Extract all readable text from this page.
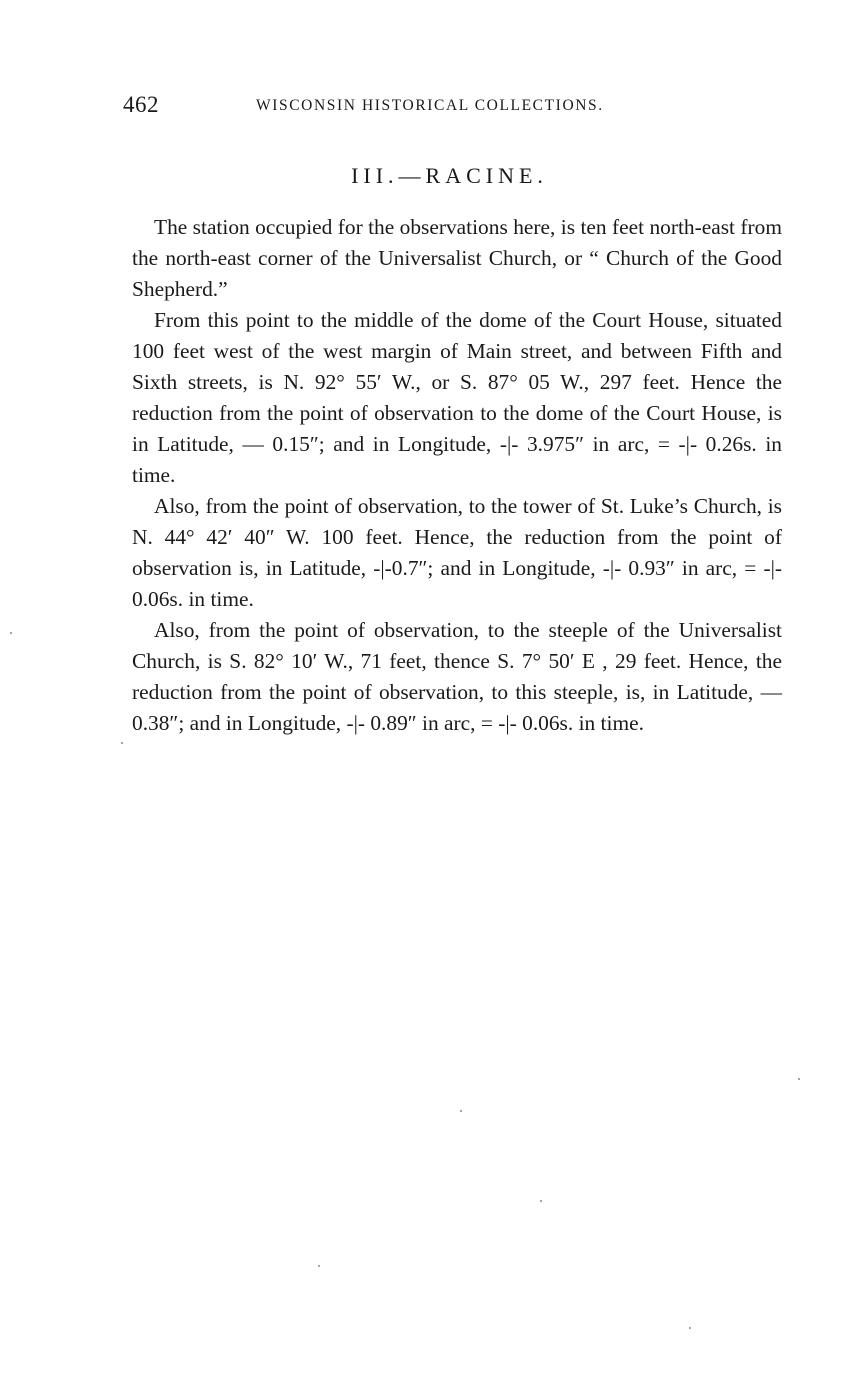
462	WISCONSIN HISTORICAL COLLECTIONS.
III.—RACINE.

The station occupied for the observations here, is ten feet north-east from the north-east corner of the Universalist Church, or “ Church of the Good Shepherd.”

From this point to the middle of the dome of the Court House, situated 100 feet west of the west margin of Main street, and between Fifth and Sixth streets, is N. 92° 55′ W., or S. 87° 05 W., 297 feet. Hence the reduction from the point of observation to the dome of the Court House, is in Latitude, — 0.15″; and in Longitude, -|- 3.975″ in arc, = -|- 0.26s. in time.

Also, from the point of observation, to the tower of St. Luke’s Church, is N. 44° 42′ 40″ W. 100 feet. Hence, the reduction from the point of observation is, in Latitude, -|-0.7″; and in Longitude, -|- 0.93″ in arc, = -|- 0.06s. in time.

Also, from the point of observation, to the steeple of the Universalist Church, is S. 82° 10′ W., 71 feet, thence S. 7° 50′ E , 29 feet. Hence, the reduction from the point of observation, to this steeple, is, in Latitude, — 0.38″; and in Longitude, -|- 0.89″ in arc, = -|- 0.06s. in time.
